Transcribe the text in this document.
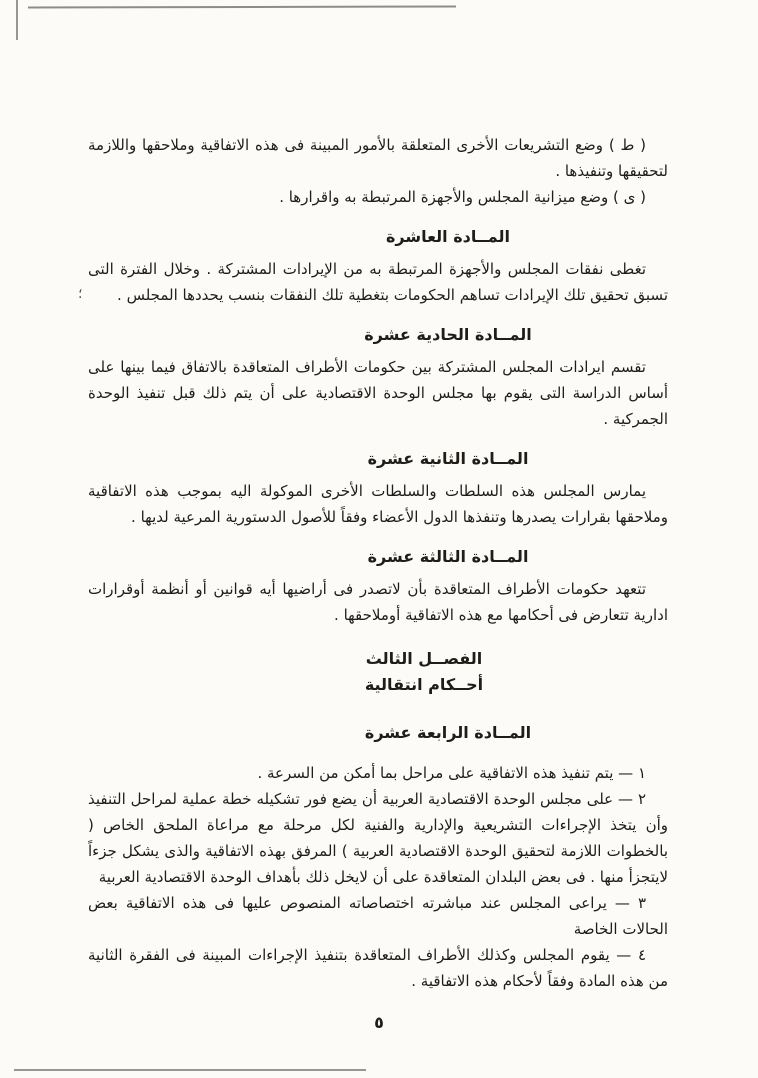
؛

( ط ) وضع التشريعات الأخرى المتعلقة بالأمور المبينة فى هذه الاتفاقية وملاحقها واللازمة لتحقيقها وتنفيذها .

( ى ) وضع ميزانية المجلس والأجهزة المرتبطة به واقرارها .

المــادة العاشرة

تغطى نفقات المجلس والأجهزة المرتبطة به من الإيرادات المشتركة . وخلال الفترة التى تسبق تحقيق تلك الإيرادات تساهم الحكومات بتغطية تلك النفقات بنسب يحددها المجلس .

المــادة الحادية عشرة

تقسم ايرادات المجلس المشتركة بين حكومات الأطراف المتعاقدة بالاتفاق فيما بينها على أساس الدراسة التى يقوم بها مجلس الوحدة الاقتصادية على أن يتم ذلك قبل تنفيذ الوحدة الجمركية .

المــادة الثانية عشرة

يمارس المجلس هذه السلطات والسلطات الأخرى الموكولة اليه بموجب هذه الاتفاقية وملاحقها بقرارات يصدرها وتنفذها الدول الأعضاء وفقاً للأصول الدستورية المرعية لديها .

المــادة الثالثة عشرة

تتعهد حكومات الأطراف المتعاقدة بأن لاتصدر فى أراضيها أيه قوانين أو أنظمة أوقرارات ادارية تتعارض فى أحكامها مع هذه الاتفاقية أوملاحقها .

الفصــل الثالث
أحــكام انتقالية
المــادة الرابعة عشرة

١ — يتم تنفيذ هذه الاتفاقية على مراحل بما أمكن من السرعة .

٢ — على مجلس الوحدة الاقتصادية العربية أن يضع فور تشكيله خطة عملية لمراحل التنفيذ وأن يتخذ الإجراءات التشريعية والإدارية والفنية لكل مرحلة مع مراعاة الملحق الخاص ( بالخطوات اللازمة لتحقيق الوحدة الاقتصادية العربية ) المرفق بهذه الاتفاقية والذى يشكل جزءاً لايتجزأ منها . فى بعض البلدان المتعاقدة على أن لايخل ذلك بأهداف الوحدة الاقتصادية العربية

٣ — يراعى المجلس عند مباشرته اختصاصاته المنصوص عليها فى هذه الاتفاقية بعض الحالات الخاصة

٤ — يقوم المجلس وكذلك الأطراف المتعاقدة بتنفيذ الإجراءات المبينة فى الفقرة الثانية من هذه المادة وفقاً لأحكام هذه الاتفاقية .

٥
